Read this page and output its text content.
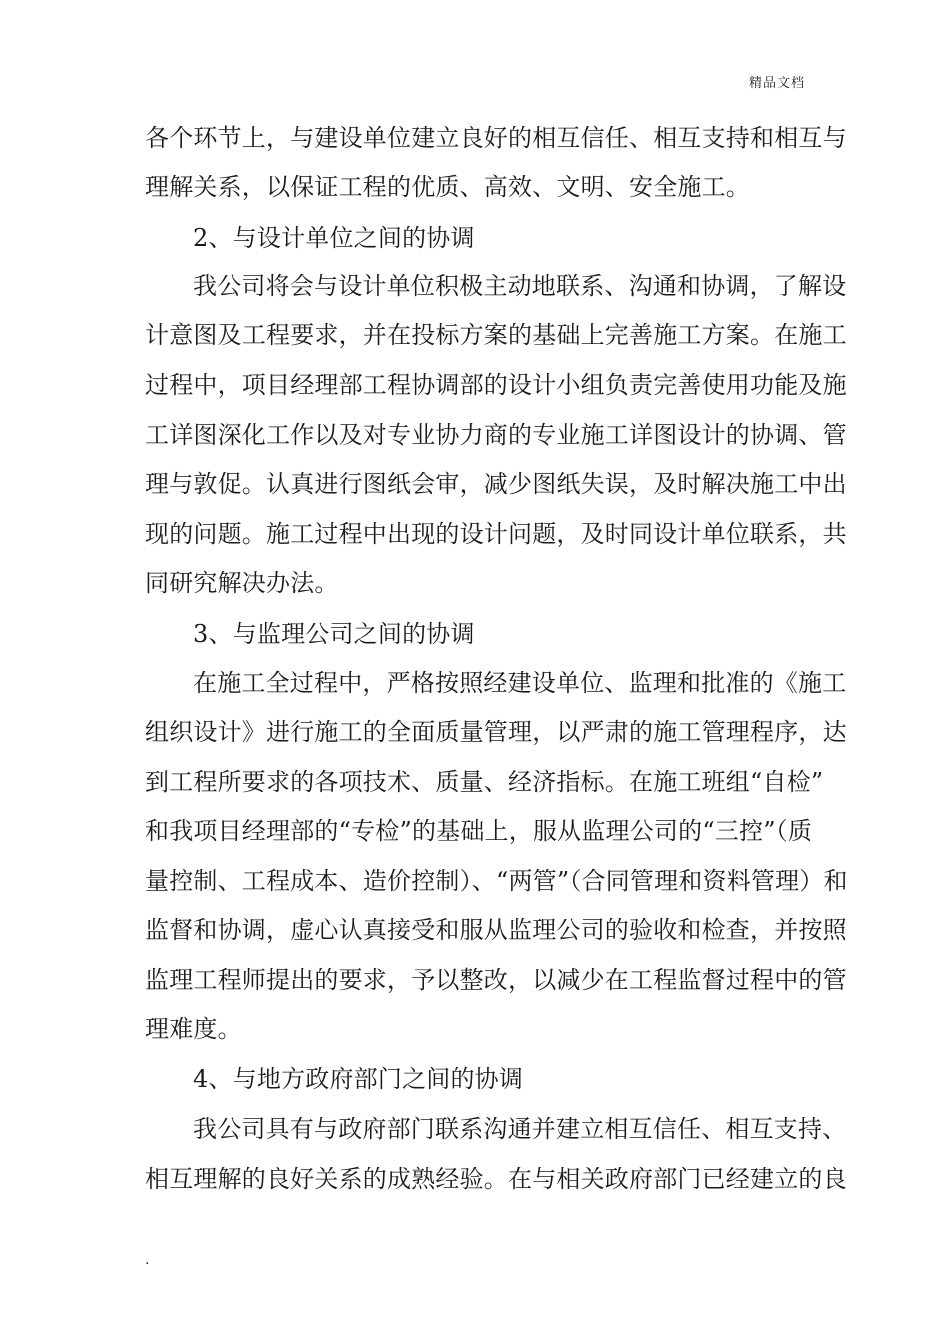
精品文档
各个环节上，与建设单位建立良好的相互信任、相互支持和相互与
理解关系，以保证工程的优质、高效、文明、安全施工。
2、与设计单位之间的协调
我公司将会与设计单位积极主动地联系、沟通和协调，了解设
计意图及工程要求，并在投标方案的基础上完善施工方案。在施工
过程中，项目经理部工程协调部的设计小组负责完善使用功能及施
工详图深化工作以及对专业协力商的专业施工详图设计的协调、管
理与敦促。认真进行图纸会审，减少图纸失误，及时解决施工中出
现的问题。施工过程中出现的设计问题，及时同设计单位联系，共
同研究解决办法。
3、与监理公司之间的协调
在施工全过程中，严格按照经建设单位、监理和批准的《施工
组织设计》进行施工的全面质量管理，以严肃的施工管理程序，达
到工程所要求的各项技术、质量、经济指标。在施工班组“自检”
和我项目经理部的“专检”的基础上，服从监理公司的“三控”（质
量控制、工程成本、造价控制）、“两管”（合同管理和资料管理）和
监督和协调，虚心认真接受和服从监理公司的验收和检查，并按照
监理工程师提出的要求，予以整改，以减少在工程监督过程中的管
理难度。
4、与地方政府部门之间的协调
我公司具有与政府部门联系沟通并建立相互信任、相互支持、
相互理解的良好关系的成熟经验。在与相关政府部门已经建立的良
.
